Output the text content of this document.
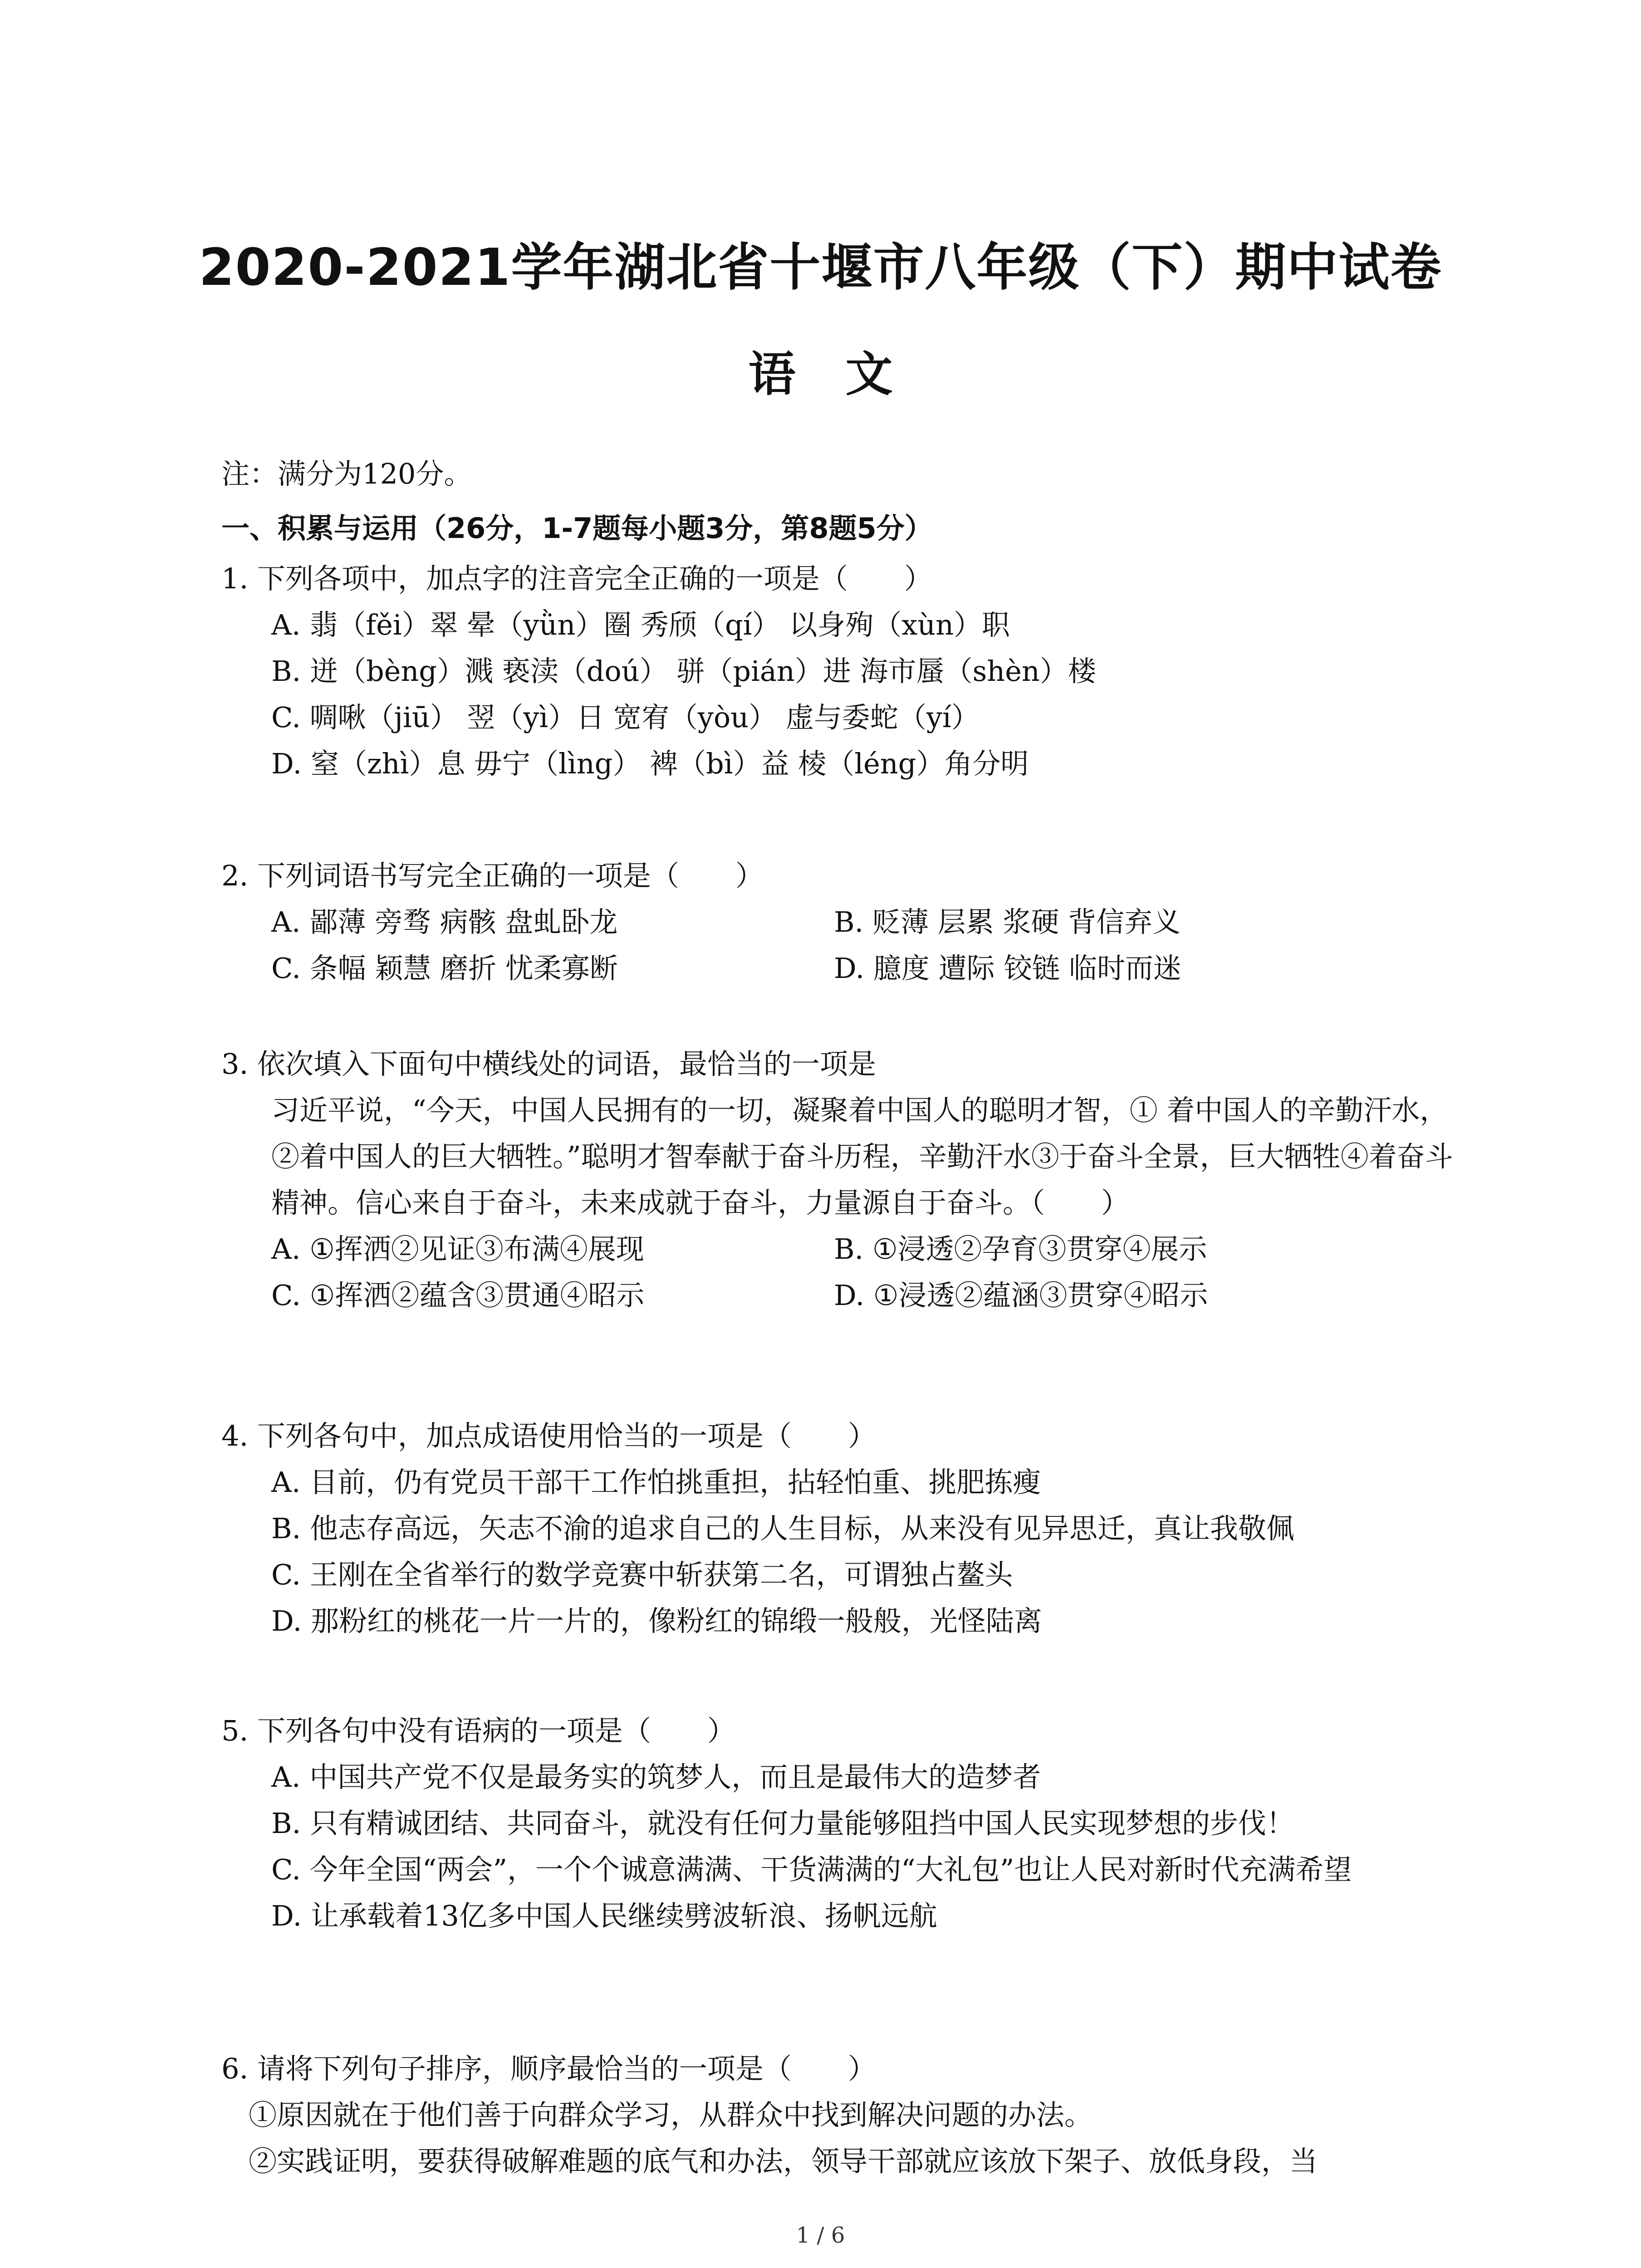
2020-2021学年湖北省十堰市八年级（下）期中试卷
语文
注：满分为120分。
一、积累与运用（26分，1-7题每小题3分，第8题5分）
1. 下列各项中，加点字的注音完全正确的一项是（　　）
A. 翡（fěi）翠 晕（yǜn）圈 秀颀（qí） 以身殉（xùn）职
B. 迸（bèng）溅 亵渎（doú） 骈（pián）进 海市蜃（shèn）楼
C. 啁啾（jiū） 翌（yì）日 宽宥（yòu） 虚与委蛇（yí）
D. 窒（zhì）息 毋宁（lìng） 裨（bì）益 棱（léng）角分明
2. 下列词语书写完全正确的一项是（　　）
A. 鄙薄 旁骛 病骸 盘虬卧龙	B. 贬薄 层累 浆硬 背信弃义
C. 条幅 颖慧 磨折 忧柔寡断	D. 臆度 遭际 铰链 临时而迷
3. 依次填入下面句中横线处的词语，最恰当的一项是
习近平说，“今天，中国人民拥有的一切，凝聚着中国人的聪明才智，① 着中国人的辛勤汗水，②着中国人的巨大牺牲。”聪明才智奉献于奋斗历程，辛勤汗水③于奋斗全景，巨大牺牲④着奋斗精神。信心来自于奋斗，未来成就于奋斗，力量源自于奋斗。（　　）
A. ①挥洒②见证③布满④展现	B. ①浸透②孕育③贯穿④展示
C. ①挥洒②蕴含③贯通④昭示	D. ①浸透②蕴涵③贯穿④昭示
4. 下列各句中，加点成语使用恰当的一项是（　　）
A. 目前，仍有党员干部干工作怕挑重担，拈轻怕重、挑肥拣瘦
B. 他志存高远，矢志不渝的追求自己的人生目标，从来没有见异思迁，真让我敬佩
C. 王刚在全省举行的数学竞赛中斩获第二名，可谓独占鳌头
D. 那粉红的桃花一片一片的，像粉红的锦缎一般般，光怪陆离
5. 下列各句中没有语病的一项是（　　）
A. 中国共产党不仅是最务实的筑梦人，而且是最伟大的造梦者
B. 只有精诚团结、共同奋斗，就没有任何力量能够阻挡中国人民实现梦想的步伐！
C. 今年全国“两会”，一个个诚意满满、干货满满的“大礼包”也让人民对新时代充满希望
D. 让承载着13亿多中国人民继续劈波斩浪、扬帆远航
6. 请将下列句子排序，顺序最恰当的一项是（　　）
①原因就在于他们善于向群众学习，从群众中找到解决问题的办法。
②实践证明，要获得破解难题的底气和办法，领导干部就应该放下架子、放低身段，当
1 / 6
